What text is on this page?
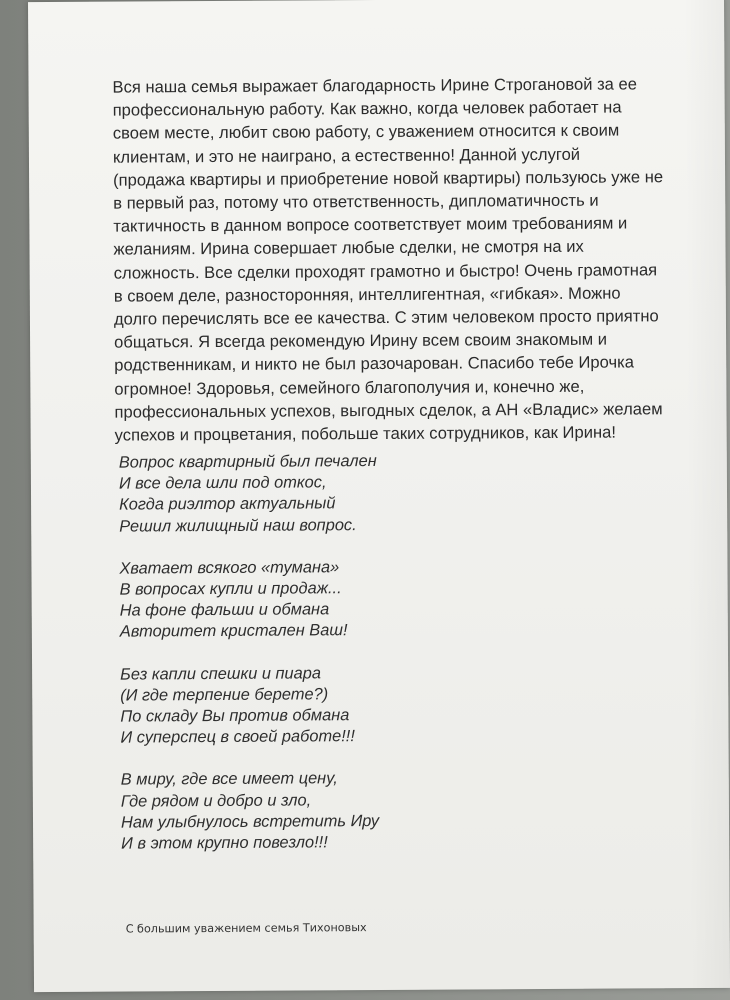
Вся наша семья выражает благодарность Ирине Строгановой за ее
профессиональную работу. Как важно, когда человек работает на
своем месте, любит свою работу, с уважением относится к своим
клиентам, и это не наиграно, а естественно! Данной услугой
(продажа квартиры и приобретение новой квартиры) пользуюсь уже не
в первый раз, потому что ответственность, дипломатичность и
тактичность в данном вопросе соответствует моим требованиям и
желаниям. Ирина совершает любые сделки, не смотря на их
сложность. Все сделки проходят грамотно и быстро! Очень грамотная
в своем деле, разносторонняя, интеллигентная, «гибкая». Можно
долго перечислять все ее качества. С этим человеком просто приятно
общаться. Я всегда рекомендую Ирину всем своим знакомым и
родственникам, и никто не был разочарован. Спасибо тебе Ирочка
огромное! Здоровья, семейного благополучия и, конечно же,
профессиональных успехов, выгодных сделок, а АН «Владис» желаем
успехов и процветания, побольше таких сотрудников, как Ирина!

Вопрос квартирный был печален
И все дела шли под откос,
Когда риэлтор актуальный
Решил жилищный наш вопрос.
Хватает всякого «тумана»
В вопросах купли и продаж...
На фоне фальши и обмана
Авторитет кристален Ваш!
Без капли спешки и пиара
(И где терпение берете?)
По складу Вы против обмана
И суперспец в своей работе!!!
В миру, где все имеет цену,
Где рядом и добро и зло,
Нам улыбнулось встретить Иру
И в этом крупно повезло!!!
С большим уважением семья Тихоновых
